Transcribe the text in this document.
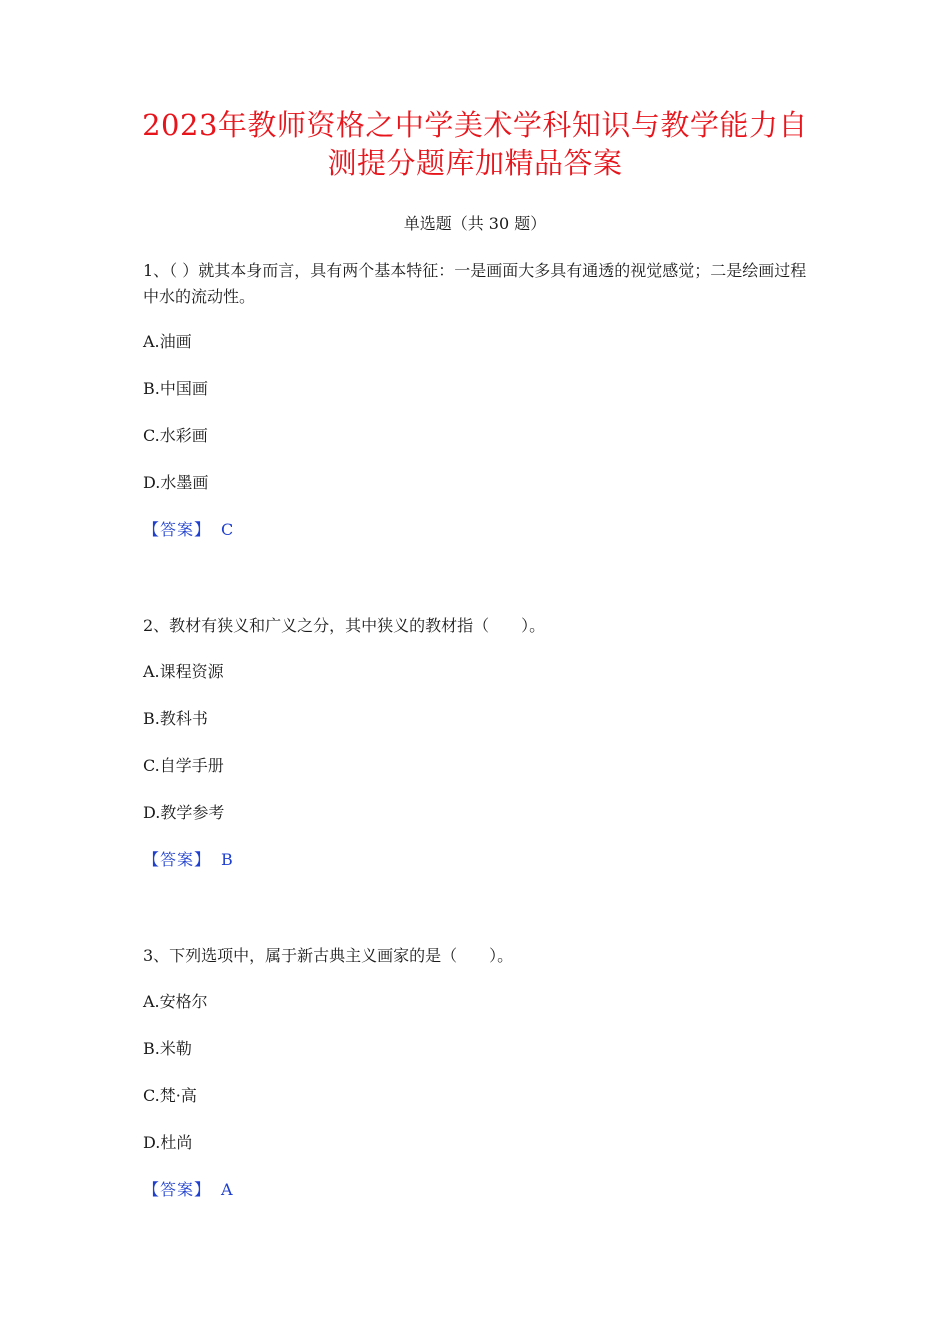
2023年教师资格之中学美术学科知识与教学能力自
测提分题库加精品答案
单选题（共 30 题）
1、（ ）就其本身而言，具有两个基本特征：一是画面大多具有通透的视觉感觉；二是绘画过程中水的流动性。
A.油画
B.中国画
C.水彩画
D.水墨画
【答案】 C
2、教材有狭义和广义之分，其中狭义的教材指（　　）。
A.课程资源
B.教科书
C.自学手册
D.教学参考
【答案】 B
3、下列选项中，属于新古典主义画家的是（　　）。
A.安格尔
B.米勒
C.梵·高
D.杜尚
【答案】 A
